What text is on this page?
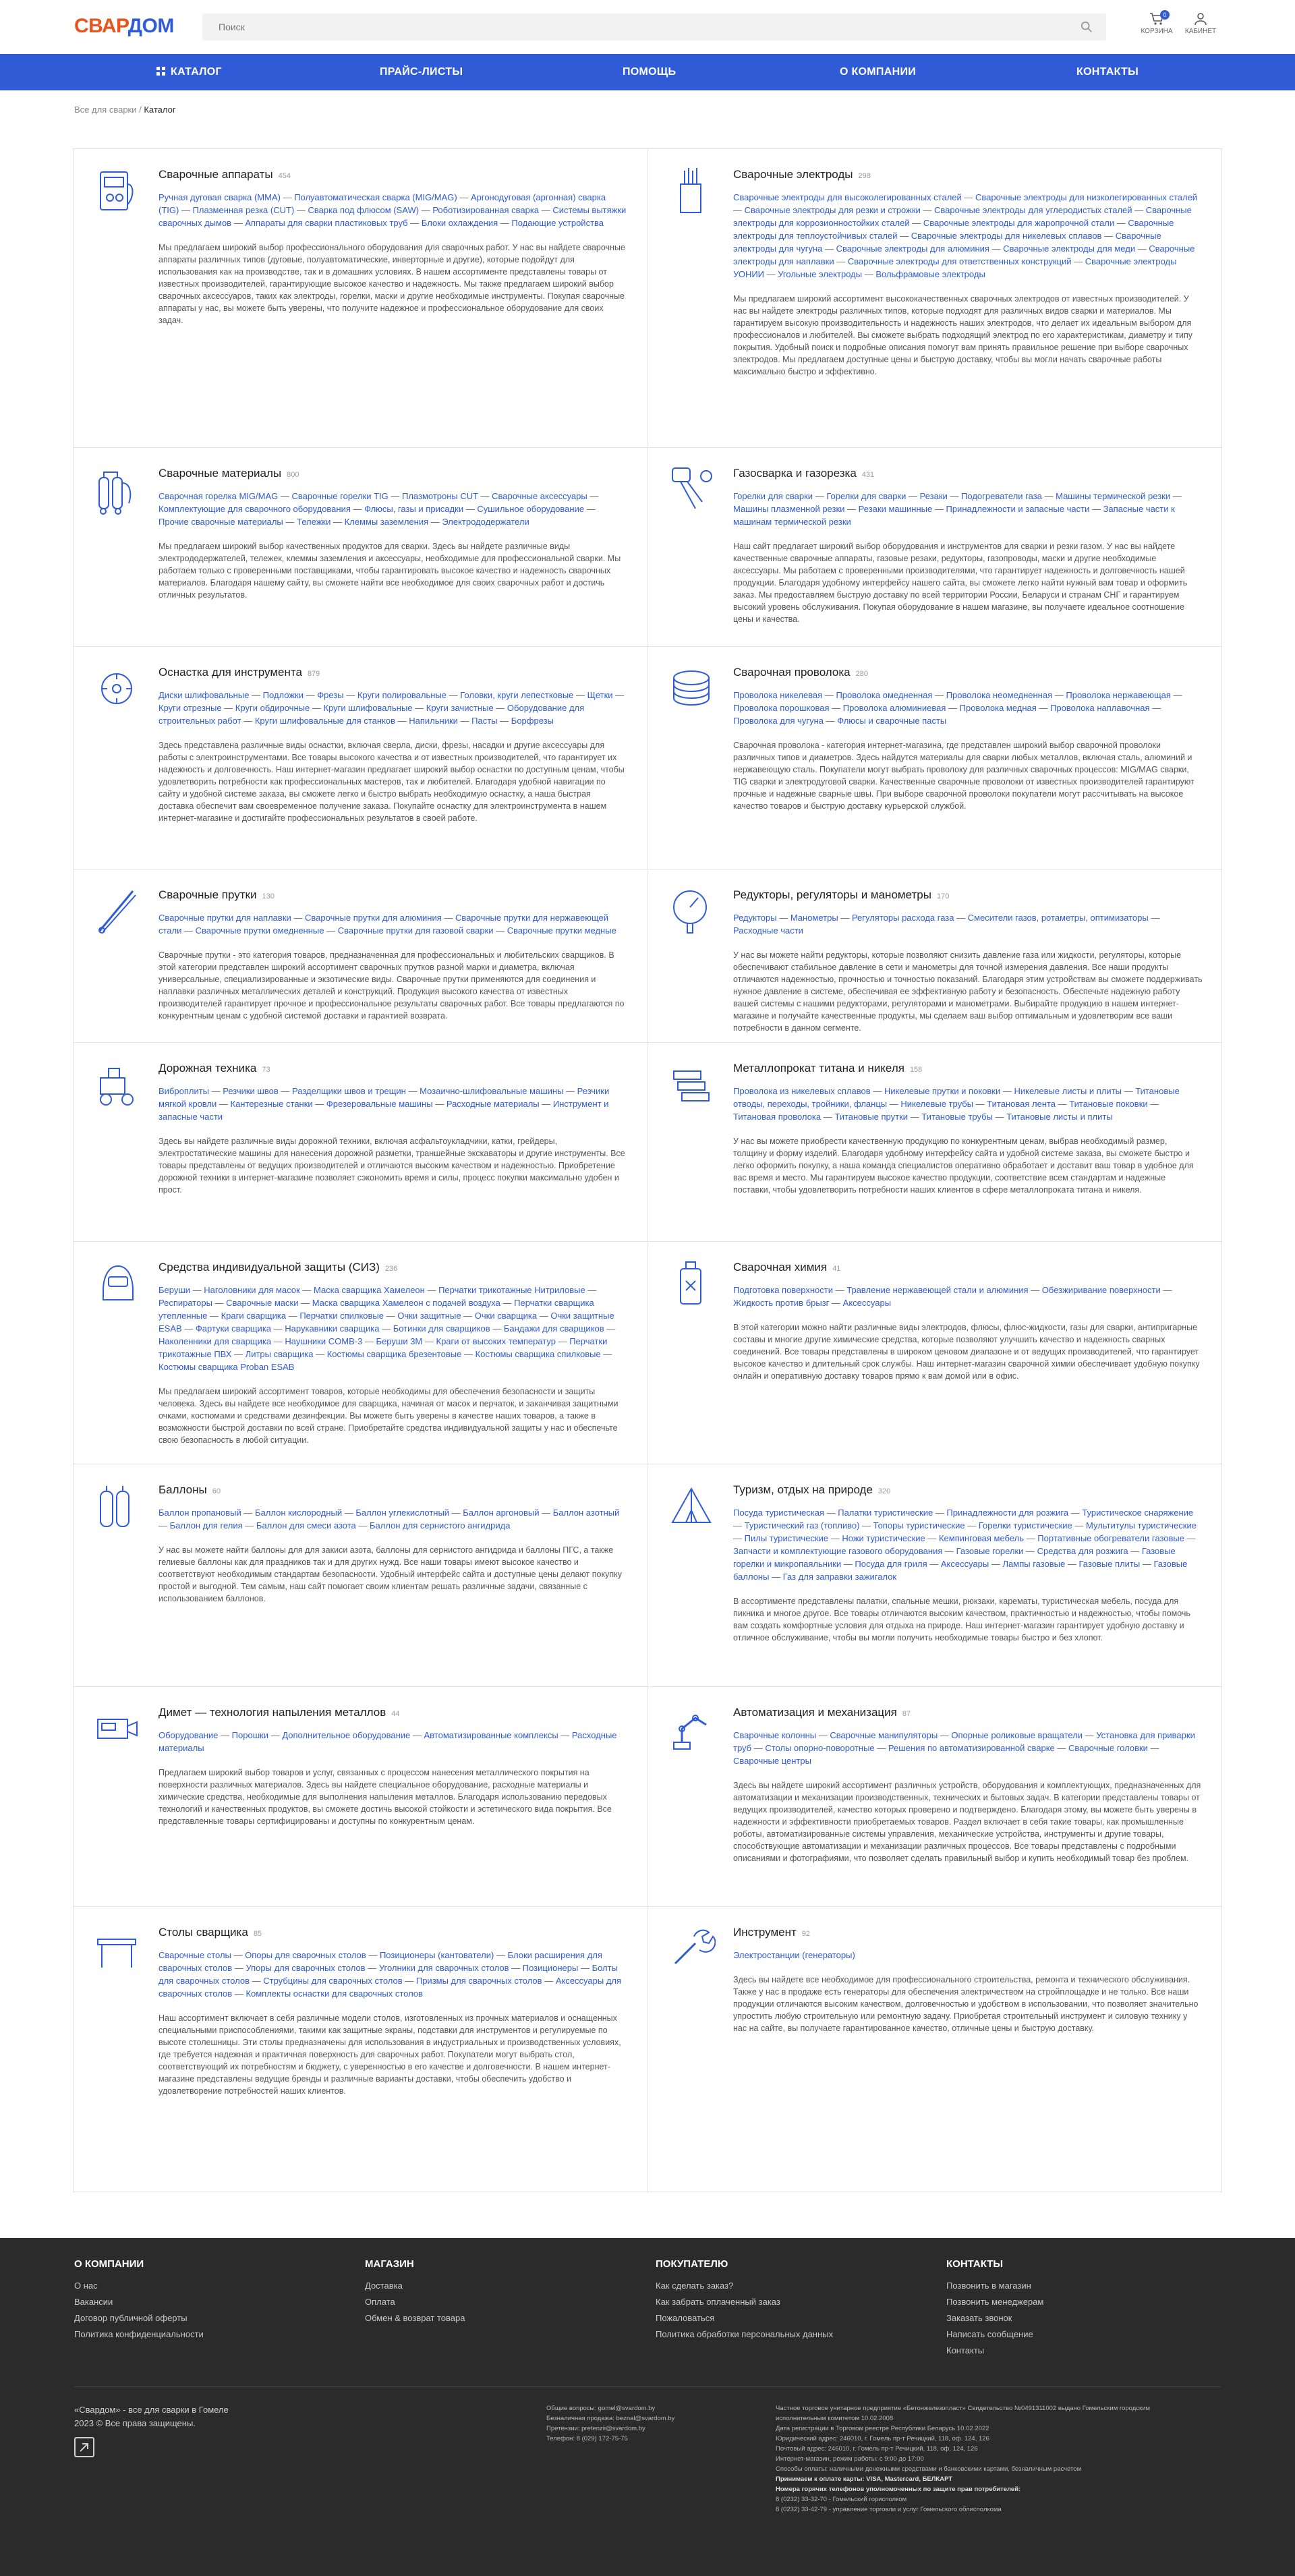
СВАРДОМ
Поиск	0
КОРЗИНА	КАБИНЕТ
КАТАЛОГ	ПРАЙС-ЛИСТЫ	ПОМОЩЬ	О КОМПАНИИ	КОНТАКТЫ
Все для сварки / Каталог
Сварочные аппараты 454
Ручная дуговая сварка (MMA) — Полуавтоматическая сварка (MIG/MAG) — Аргонодуговая (аргонная) сварка (TIG) — Плазменная резка (CUT) — Сварка под флюсом (SAW) — Роботизированная сварка — Системы вытяжки сварочных дымов — Аппараты для сварки пластиковых труб — Блоки охлаждения — Подающие устройства
Мы предлагаем широкий выбор профессионального оборудования для сварочных работ. У нас вы найдете сварочные аппараты различных типов (дуговые, полуавтоматические, инверторные и другие), которые подойдут для использования как на производстве, так и в домашних условиях. В нашем ассортименте представлены товары от известных производителей, гарантирующие высокое качество и надежность. Мы также предлагаем широкий выбор сварочных аксессуаров, таких как электроды, горелки, маски и другие необходимые инструменты. Покупая сварочные аппараты у нас, вы можете быть уверены, что получите надежное и профессиональное оборудование для своих задач.
Сварочные электроды 298
Сварочные электроды для высоколегированных сталей — Сварочные электроды для низколегированных сталей — Сварочные электроды для резки и строжки — Сварочные электроды для углеродистых сталей — Сварочные электроды для коррозионностойких сталей — Сварочные электроды для жаропрочной стали — Сварочные электроды для теплоустойчивых сталей — Сварочные электроды для никелевых сплавов — Сварочные электроды для чугуна — Сварочные электроды для алюминия — Сварочные электроды для меди — Сварочные электроды для наплавки — Сварочные электроды для ответственных конструкций — Сварочные электроды УОНИИ — Угольные электроды — Вольфрамовые электроды
Мы предлагаем широкий ассортимент высококачественных сварочных электродов от известных производителей. У нас вы найдете электроды различных типов, которые подходят для различных видов сварки и материалов. Мы гарантируем высокую производительность и надежность наших электродов, что делает их идеальным выбором для профессионалов и любителей. Вы сможете выбрать подходящий электрод по его характеристикам, диаметру и типу покрытия. Удобный поиск и подробные описания помогут вам принять правильное решение при выборе сварочных электродов. Мы предлагаем доступные цены и быструю доставку, чтобы вы могли начать сварочные работы максимально быстро и эффективно.
Сварочные материалы 800
Сварочная горелка MIG/MAG — Сварочные горелки TIG — Плазмотроны CUT — Сварочные аксессуары — Комплектующие для сварочного оборудования — Флюсы, газы и присадки — Сушильное оборудование — Прочие сварочные материалы — Тележки — Клеммы заземления — Электрододержатели
Мы предлагаем широкий выбор качественных продуктов для сварки. Здесь вы найдете различные виды электрододержателей, тележек, клеммы заземления и аксессуары, необходимые для профессиональной сварки. Мы работаем только с проверенными поставщиками, чтобы гарантировать высокое качество и надежность сварочных материалов. Благодаря нашему сайту, вы сможете найти все необходимое для своих сварочных работ и достичь отличных результатов.
Газосварка и газорезка 431
Горелки для сварки — Горелки для сварки — Резаки — Подогреватели газа — Машины термической резки — Машины плазменной резки — Резаки машинные — Принадлежности и запасные части — Запасные части к машинам термической резки
Наш сайт предлагает широкий выбор оборудования и инструментов для сварки и резки газом. У нас вы найдете качественные сварочные аппараты, газовые резаки, редукторы, газопроводы, маски и другие необходимые аксессуары. Мы работаем с проверенными производителями, что гарантирует надежность и долговечность нашей продукции. Благодаря удобному интерфейсу нашего сайта, вы сможете легко найти нужный вам товар и оформить заказ. Мы предоставляем быструю доставку по всей территории России, Беларуси и странам СНГ и гарантируем высокий уровень обслуживания. Покупая оборудование в нашем магазине, вы получаете идеальное соотношение цены и качества.
Оснастка для инструмента 879
Диски шлифовальные — Подложки — Фрезы — Круги полировальные — Головки, круги лепестковые — Щетки — Круги отрезные — Круги обдирочные — Круги шлифовальные — Круги зачистные — Оборудование для строительных работ — Круги шлифовальные для станков — Напильники — Пасты — Борфрезы
Здесь представлена различные виды оснастки, включая сверла, диски, фрезы, насадки и другие аксессуары для работы с электроинструментами. Все товары высокого качества и от известных производителей, что гарантирует их надежность и долговечность. Наш интернет-магазин предлагает широкий выбор оснастки по доступным ценам, чтобы удовлетворить потребности как профессиональных мастеров, так и любителей. Благодаря удобной навигации по сайту и удобной системе заказа, вы сможете легко и быстро выбрать необходимую оснастку, а наша быстрая доставка обеспечит вам своевременное получение заказа. Покупайте оснастку для электроинструмента в нашем интернет-магазине и достигайте профессиональных результатов в своей работе.
Сварочная проволока 280
Проволока никелевая — Проволока омедненная — Проволока неомедненная — Проволока нержавеющая — Проволока порошковая — Проволока алюминиевая — Проволока медная — Проволока наплавочная — Проволока для чугуна — Флюсы и сварочные пасты
Сварочная проволока - категория интернет-магазина, где представлен широкий выбор сварочной проволоки различных типов и диаметров. Здесь найдутся материалы для сварки любых металлов, включая сталь, алюминий и нержавеющую сталь. Покупатели могут выбрать проволоку для различных сварочных процессов: MIG/MAG сварки, TIG сварки и электродуговой сварки. Качественные сварочные проволоки от известных производителей гарантируют прочные и надежные сварные швы. При выборе сварочной проволоки покупатели могут рассчитывать на высокое качество товаров и быструю доставку курьерской службой.
Сварочные прутки 130
Сварочные прутки для наплавки — Сварочные прутки для алюминия — Сварочные прутки для нержавеющей стали — Сварочные прутки омедненные — Сварочные прутки для газовой сварки — Сварочные прутки медные
Сварочные прутки - это категория товаров, предназначенная для профессиональных и любительских сварщиков. В этой категории представлен широкий ассортимент сварочных прутков разной марки и диаметра, включая универсальные, специализированные и экзотические виды. Сварочные прутки применяются для соединения и наплавки различных металлических деталей и конструкций. Продукция высокого качества от известных производителей гарантирует прочное и профессиональное результаты сварочных работ. Все товары предлагаются по конкурентным ценам с удобной системой доставки и гарантией возврата.
Редукторы, регуляторы и манометры 170
Редукторы — Манометры — Регуляторы расхода газа — Смесители газов, ротаметры, оптимизаторы — Расходные части
У нас вы можете найти редукторы, которые позволяют снизить давление газа или жидкости, регуляторы, которые обеспечивают стабильное давление в сети и манометры для точной измерения давления. Все наши продукты отличаются надежностью, прочностью и точностью показаний. Благодаря этим устройствам вы сможете поддерживать нужное давление в системе, обеспечивая ее эффективную работу и безопасность. Обеспечьте надежную работу вашей системы с нашими редукторами, регуляторами и манометрами. Выбирайте продукцию в нашем интернет-магазине и получайте качественные продукты, мы сделаем ваш выбор оптимальным и удовлетворим все ваши потребности в данном сегменте.
Дорожная техника 73
Виброплиты — Резчики швов — Разделщики швов и трещин — Мозаично-шлифовальные машины — Резчики мягкой кровли — Кантерезные станки — Фрезеровальные машины — Расходные материалы — Инструмент и запасные части
Здесь вы найдете различные виды дорожной техники, включая асфальтоукладчики, катки, грейдеры, электростатические машины для нанесения дорожной разметки, траншейные экскаваторы и другие инструменты. Все товары представлены от ведущих производителей и отличаются высоким качеством и надежностью. Приобретение дорожной техники в интернет-магазине позволяет сэкономить время и силы, процесс покупки максимально удобен и прост.
Металлопрокат титана и никеля 158
Проволока из никелевых сплавов — Никелевые прутки и поковки — Никелевые листы и плиты — Титановые отводы, переходы, тройники, фланцы — Никелевые трубы — Титановая лента — Титановые поковки — Титановая проволока — Титановые прутки — Титановые трубы — Титановые листы и плиты
У нас вы можете приобрести качественную продукцию по конкурентным ценам, выбрав необходимый размер, толщину и форму изделий. Благодаря удобному интерфейсу сайта и удобной системе заказа, вы сможете быстро и легко оформить покупку, а наша команда специалистов оперативно обработает и доставит ваш товар в удобное для вас время и место. Мы гарантируем высокое качество продукции, соответствие всем стандартам и надежные поставки, чтобы удовлетворить потребности наших клиентов в сфере металлопроката титана и никеля.
Средства индивидуальной защиты (СИЗ) 236
Беруши — Наголовники для масок — Маска сварщика Хамелеон — Перчатки трикотажные Нитриловые — Респираторы — Сварочные маски — Маска сварщика Хамелеон с подачей воздуха — Перчатки сварщика утепленные — Краги сварщика — Перчатки спилковые — Очки защитные — Очки сварщика — Очки защитные ESAB — Фартуки сварщика — Нарукавники сварщика — Ботинки для сварщиков — Бандажи для сварщиков — Наколенники для сварщика — Наушники COMB-3 — Беруши 3M — Краги от высоких температур — Перчатки трикотажные ПВХ — Литры сварщика — Костюмы сварщика брезентовые — Костюмы сварщика спилковые — Костюмы сварщика Proban ESAB
Мы предлагаем широкий ассортимент товаров, которые необходимы для обеспечения безопасности и защиты человека. Здесь вы найдете все необходимое для сварщика, начиная от масок и перчаток, и заканчивая защитными очками, костюмами и средствами дезинфекции. Вы можете быть уверены в качестве наших товаров, а также в возможности быстрой доставки по всей стране. Приобретайте средства индивидуальной защиты у нас и обеспечьте свою безопасность в любой ситуации.
Сварочная химия 41
Подготовка поверхности — Травление нержавеющей стали и алюминия — Обезжиривание поверхности — Жидкость против брызг — Аксессуары
В этой категории можно найти различные виды электродов, флюсы, флюс-жидкости, газы для сварки, антипригарные составы и многие другие химические средства, которые позволяют улучшить качество и надежность сварных соединений. Все товары представлены в широком ценовом диапазоне и от ведущих производителей, что гарантирует высокое качество и длительный срок службы. Наш интернет-магазин сварочной химии обеспечивает удобную покупку онлайн и оперативную доставку товаров прямо к вам домой или в офис.
Баллоны 60
Баллон пропановый — Баллон кислородный — Баллон углекислотный — Баллон аргоновый — Баллон азотный — Баллон для гелия — Баллон для смеси азота — Баллон для сернистого ангидрида
У нас вы можете найти баллоны для для закиси азота, баллоны для сернистого ангидрида и баллоны ПГС, а также гелиевые баллоны как для праздников так и для других нужд. Все наши товары имеют высокое качество и соответствуют необходимым стандартам безопасности. Удобный интерфейс сайта и доступные цены делают покупку простой и выгодной. Тем самым, наш сайт помогает своим клиентам решать различные задачи, связанные с использованием баллонов.
Туризм, отдых на природе 320
Посуда туристическая — Палатки туристические — Принадлежности для розжига — Туристическое снаряжение — Туристический газ (топливо) — Топоры туристические — Горелки туристические — Мультитулы туристические — Пилы туристические — Ножи туристические — Кемпинговая мебель — Портативные обогреватели газовые — Запчасти и комплектующие газового оборудования — Газовые горелки — Средства для розжига — Газовые горелки и микропаяльники — Посуда для гриля — Аксессуары — Лампы газовые — Газовые плиты — Газовые баллоны — Газ для заправки зажигалок
В ассортименте представлены палатки, спальные мешки, рюкзаки, карематы, туристическая мебель, посуда для пикника и многое другое. Все товары отличаются высоким качеством, практичностью и надежностью, чтобы помочь вам создать комфортные условия для отдыха на природе. Наш интернет-магазин гарантирует удобную доставку и отличное обслуживание, чтобы вы могли получить необходимые товары быстро и без хлопот.
Димет — технология напыления металлов 44
Оборудование — Порошки — Дополнительное оборудование — Автоматизированные комплексы — Расходные материалы
Предлагаем широкий выбор товаров и услуг, связанных с процессом нанесения металлического покрытия на поверхности различных материалов. Здесь вы найдете специальное оборудование, расходные материалы и химические средства, необходимые для выполнения напыления металлов. Благодаря использованию передовых технологий и качественных продуктов, вы сможете достичь высокой стойкости и эстетического вида покрытия. Все представленные товары сертифицированы и доступны по конкурентным ценам.
Автоматизация и механизация 87
Сварочные колонны — Сварочные манипуляторы — Опорные роликовые вращатели — Установка для приварки труб — Столы опорно-поворотные — Решения по автоматизированной сварке — Сварочные головки — Сварочные центры
Здесь вы найдете широкий ассортимент различных устройств, оборудования и комплектующих, предназначенных для автоматизации и механизации производственных, технических и бытовых задач. В категории представлены товары от ведущих производителей, качество которых проверено и подтверждено. Благодаря этому, вы можете быть уверены в надежности и эффективности приобретаемых товаров. Раздел включает в себя такие товары, как промышленные роботы, автоматизированные системы управления, механические устройства, инструменты и другие товары, способствующие автоматизации и механизации различных процессов. Все товары представлены с подробными описаниями и фотографиями, что позволяет сделать правильный выбор и купить необходимый товар без проблем.
Столы сварщика 85
Сварочные столы — Опоры для сварочных столов — Позиционеры (кантователи) — Блоки расширения для сварочных столов — Упоры для сварочных столов — Уголники для сварочных столов — Позиционеры — Болты для сварочных столов — Струбцины для сварочных столов — Призмы для сварочных столов — Аксессуары для сварочных столов — Комплекты оснастки для сварочных столов
Наш ассортимент включает в себя различные модели столов, изготовленных из прочных материалов и оснащенных специальными приспособлениями, такими как защитные экраны, подставки для инструментов и регулируемые по высоте столешницы. Эти столы предназначены для использования в индустриальных и производственных условиях, где требуется надежная и практичная поверхность для сварочных работ. Покупатели могут выбрать стол, соответствующий их потребностям и бюджету, с уверенностью в его качестве и долговечности. В нашем интернет-магазине представлены ведущие бренды и различные варианты доставки, чтобы обеспечить удобство и удовлетворение потребностей наших клиентов.
Инструмент 92
Электростанции (генераторы)
Здесь вы найдете все необходимое для профессионального строительства, ремонта и технического обслуживания. Также у нас в продаже есть генераторы для обеспечения электричеством на стройплощадке и не только. Все наши продукции отличаются высоким качеством, долговечностью и удобством в использовании, что позволяет значительно упростить любую строительную или ремонтную задачу. Приобретая строительный инструмент и силовую технику у нас на сайте, вы получаете гарантированное качество, отличные цены и быструю доставку.
О КОМПАНИИ
О нас
Вакансии
Договор публичной оферты
Политика конфиденциальности
МАГАЗИН
Доставка
Оплата
Обмен & возврат товара
ПОКУПАТЕЛЮ
Как сделать заказ?
Как забрать оплаченный заказ
Пожаловаться
Политика обработки персональных данных
КОНТАКТЫ
Позвонить в магазин
Позвонить менеджерам
Заказать звонок
Написать сообщение
Контакты
«Свардом» - все для сварки в Гомеле
2023 © Все права защищены.
Общие вопросы: gomel@svardom.by
Безналичная продажа: beznal@svardom.by
Претензии: pretenzii@svardom.by
Телефон: 8 (029) 172-75-75
Частное торговое унитарное предприятие «Бетонжелезопласт» Свидетельство №0491311002 выдано Гомельским городским
исполнительным комитетом 10.02.2008
Дата регистрации в Торговом реестре Республики Беларусь 10.02.2022
Юридический адрес: 246010, г. Гомель пр-т Речицкий, 118, оф. 124, 126
Почтовый адрес: 246010, г. Гомель пр-т Речицкий, 118, оф. 124, 126
Интернет-магазин, режим работы: с 9:00 до 17:00
Способы оплаты: наличными денежными средствами и банковскими картами, безналичным расчетом
Принимаем к оплате карты: VISA, Mastercard, БЕЛКАРТ
Номера горячих телефонов уполномоченных по защите прав потребителей:
8 (0232) 33-32-70 - Гомельский горисполком
8 (0232) 33-42-79 - управление торговли и услуг Гомельского облисполкома
